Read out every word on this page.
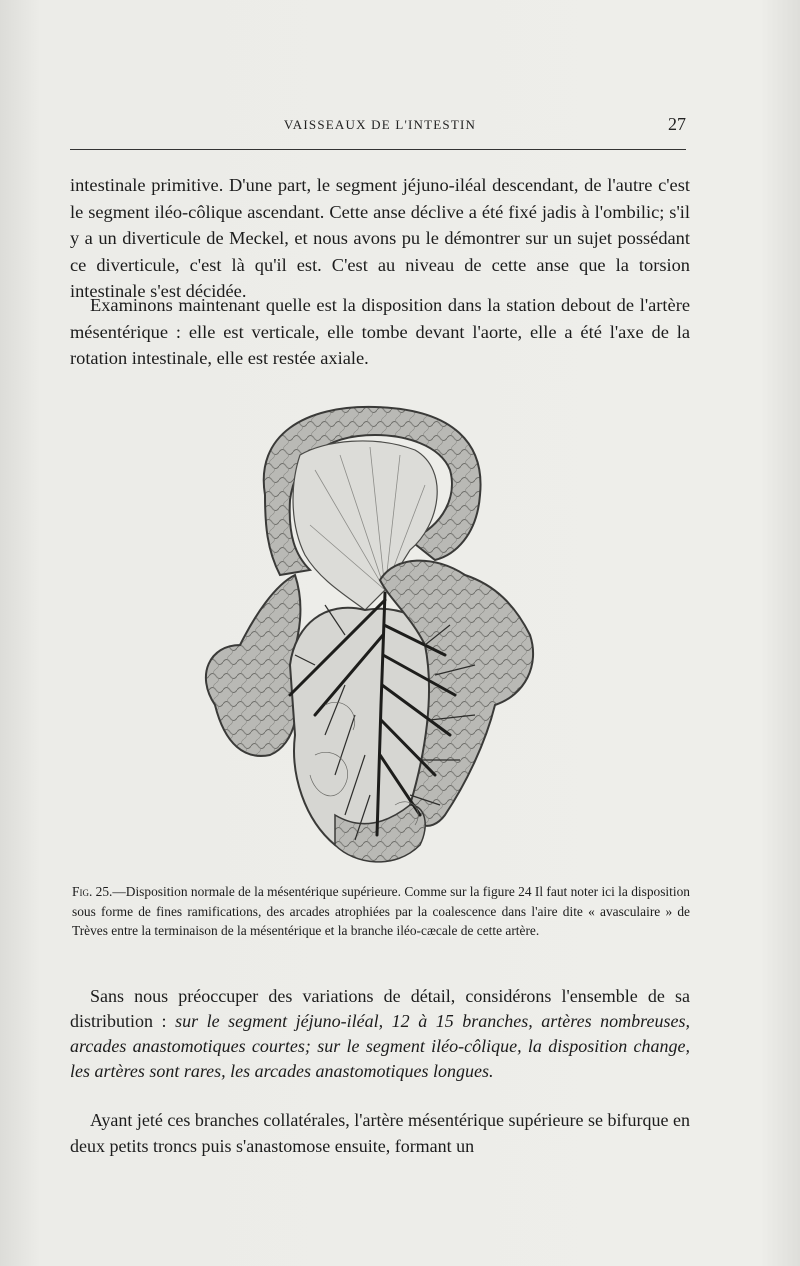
VAISSEAUX DE L'INTESTIN	27

intestinale primitive. D'une part, le segment jéjuno-iléal descendant, de l'autre c'est le segment iléo-côlique ascendant. Cette anse déclive a été fixé jadis à l'ombilic; s'il y a un diverticule de Meckel, et nous avons pu le démontrer sur un sujet possédant ce diverticule, c'est là qu'il est. C'est au niveau de cette anse que la torsion intestinale s'est décidée.

Examinons maintenant quelle est la disposition dans la station debout de l'artère mésentérique : elle est verticale, elle tombe devant l'aorte, elle a été l'axe de la rotation intestinale, elle est restée axiale.

Fig. 25.—Disposition normale de la mésentérique supérieure. Comme sur la figure 24 Il faut noter ici la disposition sous forme de fines ramifications, des arcades atrophiées par la coalescence dans l'aire dite « avasculaire » de Trèves entre la terminaison de la mésentérique et la branche iléo-cæcale de cette artère.

Sans nous préoccuper des variations de détail, considérons l'ensemble de sa distribution : sur le segment jéjuno-iléal, 12 à 15 branches, artères nombreuses, arcades anastomotiques courtes; sur le segment iléo-côlique, la disposition change, les artères sont rares, les arcades anastomotiques longues.

Ayant jeté ces branches collatérales, l'artère mésentérique supérieure se bifurque en deux petits troncs puis s'anastomose ensuite, formant un
